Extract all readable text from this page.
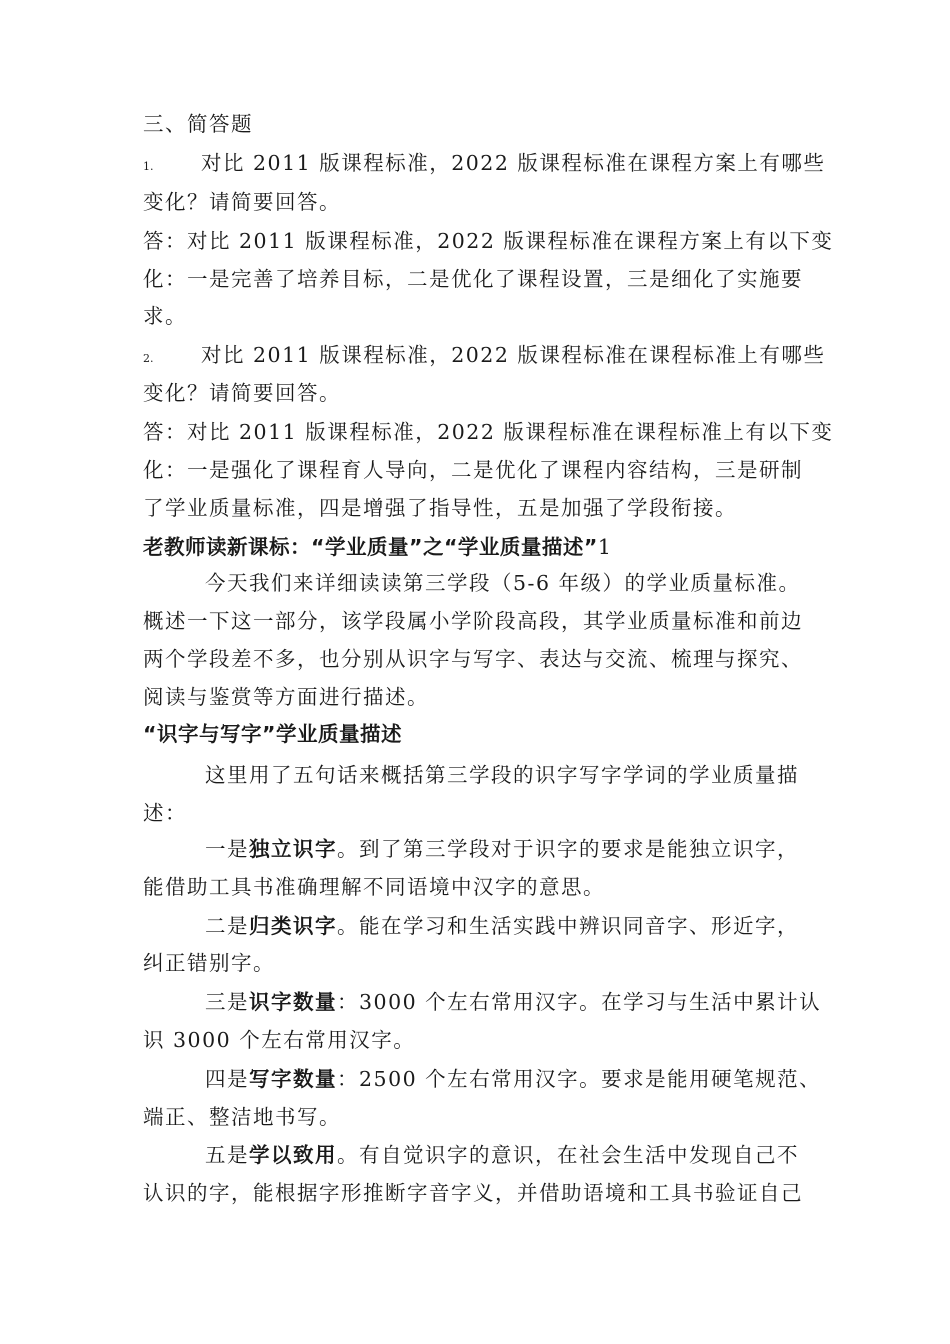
三、简答题
1. 对比 2011 版课程标准，2022 版课程标准在课程方案上有哪些
变化？请简要回答。
答：对比 2011 版课程标准，2022 版课程标准在课程方案上有以下变
化：一是完善了培养目标，二是优化了课程设置，三是细化了实施要
求。
2. 对比 2011 版课程标准，2022 版课程标准在课程标准上有哪些
变化？请简要回答。
答：对比 2011 版课程标准，2022 版课程标准在课程标准上有以下变
化：一是强化了课程育人导向，二是优化了课程内容结构，三是研制
了学业质量标准，四是增强了指导性，五是加强了学段衔接。
老教师读新课标：“学业质量”之“学业质量描述”1
今天我们来详细读读第三学段（5-6 年级）的学业质量标准。
概述一下这一部分，该学段属小学阶段高段，其学业质量标准和前边
两个学段差不多，也分别从识字与写字、表达与交流、梳理与探究、
阅读与鉴赏等方面进行描述。
“识字与写字”学业质量描述
这里用了五句话来概括第三学段的识字写字学词的学业质量描
述：
一是独立识字。到了第三学段对于识字的要求是能独立识字，
能借助工具书准确理解不同语境中汉字的意思。
二是归类识字。能在学习和生活实践中辨识同音字、形近字，
纠正错别字。
三是识字数量：3000 个左右常用汉字。在学习与生活中累计认
识 3000 个左右常用汉字。
四是写字数量：2500 个左右常用汉字。要求是能用硬笔规范、
端正、整洁地书写。
五是学以致用。有自觉识字的意识，在社会生活中发现自己不
认识的字，能根据字形推断字音字义，并借助语境和工具书验证自己
